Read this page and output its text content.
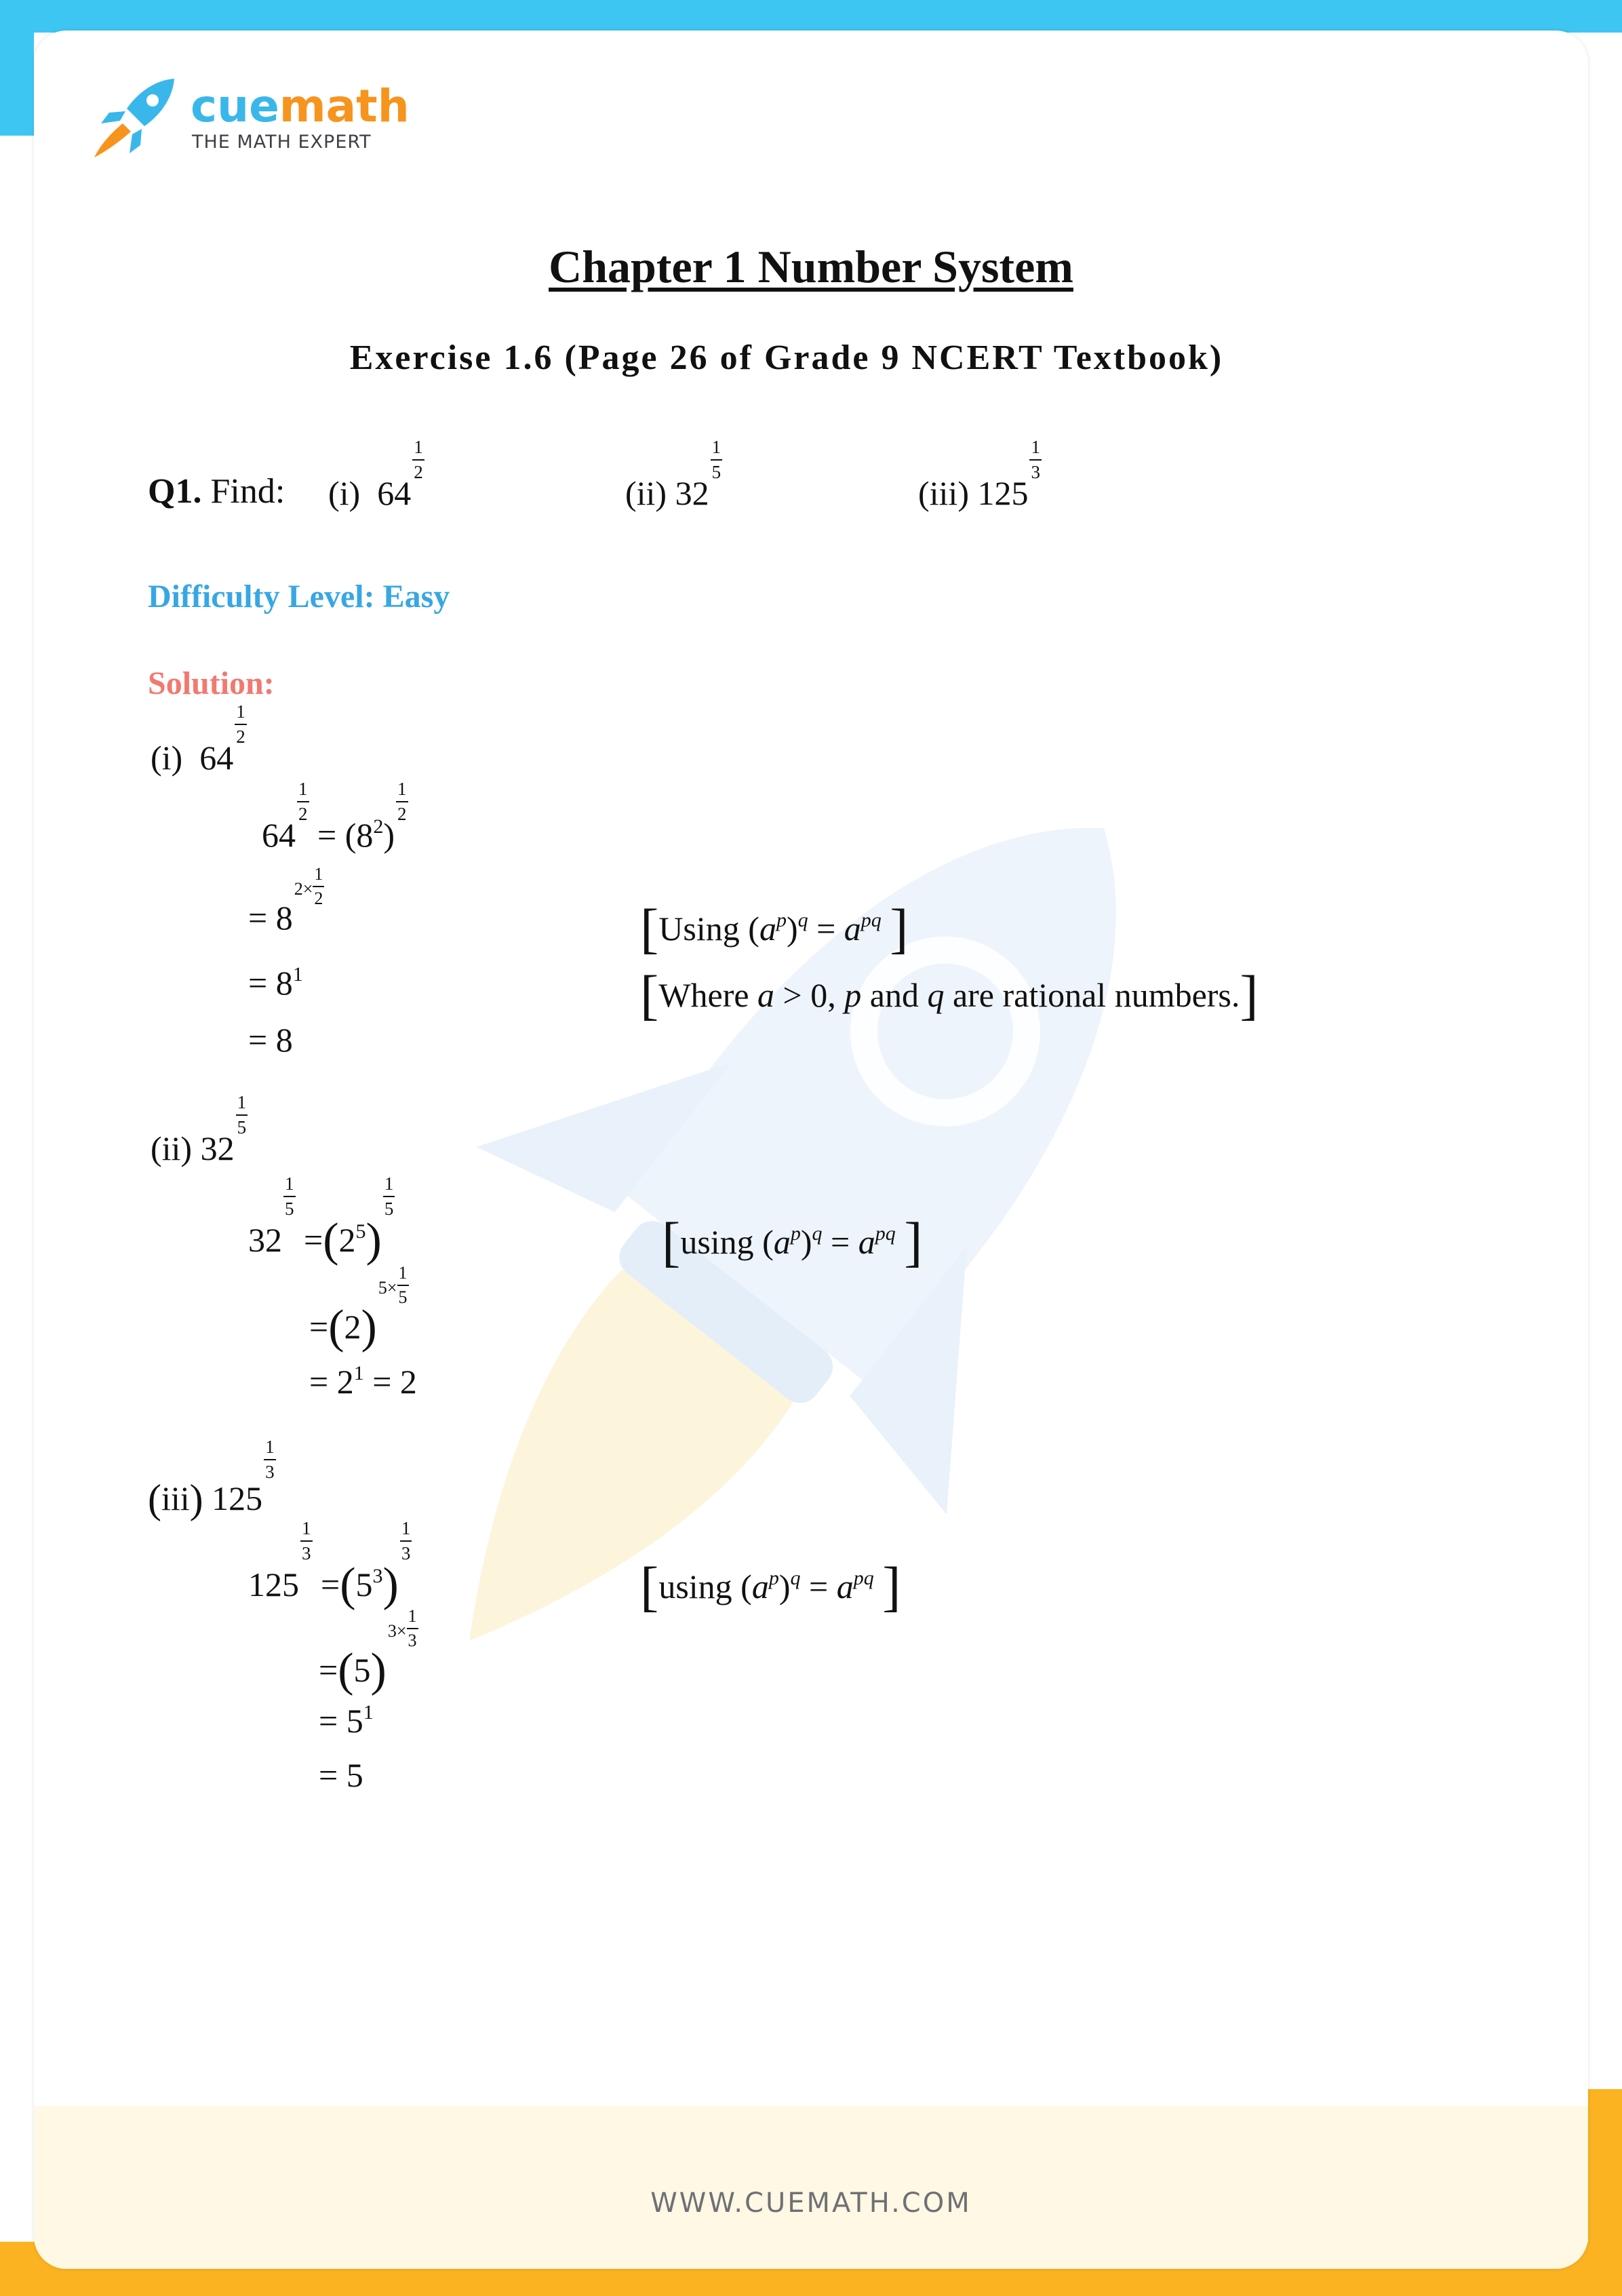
cuemath
THE MATH EXPERT
Chapter 1 Number System
Exercise 1.6 (Page 26 of Grade 9 NCERT Textbook)
Q1. Find: (i) 64
$\frac{1}{2}$
(ii) 32
$\frac{1}{5}$
(iii) 125
$\frac{1}{3}$
Difficulty Level: Easy
Solution:
(i) 64
$\frac{1}{2}$
64
$\frac{1}{2}$
= $(8^2)$
$\frac{1}{2}$
= $82\times \frac{1}{2}$
= $8^1$
= 8
[Using $(a^p)^q = a^{pq}$ ]
[Where a > 0, p and q are rational numbers.]
(ii) 32
$\frac{1}{5}$
32
$\frac{1}{5}$
$=(2^5)$
$\frac{1}{5}$
$=(2)5\times \frac{1}{5}$
= $2^1 = 2$
[using $(a^p)^q = a^{pq}$ ]
(iii) 125
$\frac{1}{3}$
125
$\frac{1}{3}$
$=(5^3)$
$\frac{1}{3}$
$=(5)3\times \frac{1}{3}$
= $5^1$
= 5
[using $(a^p)^q = a^{pq}$ ]
WWW.CUEMATH.COM
